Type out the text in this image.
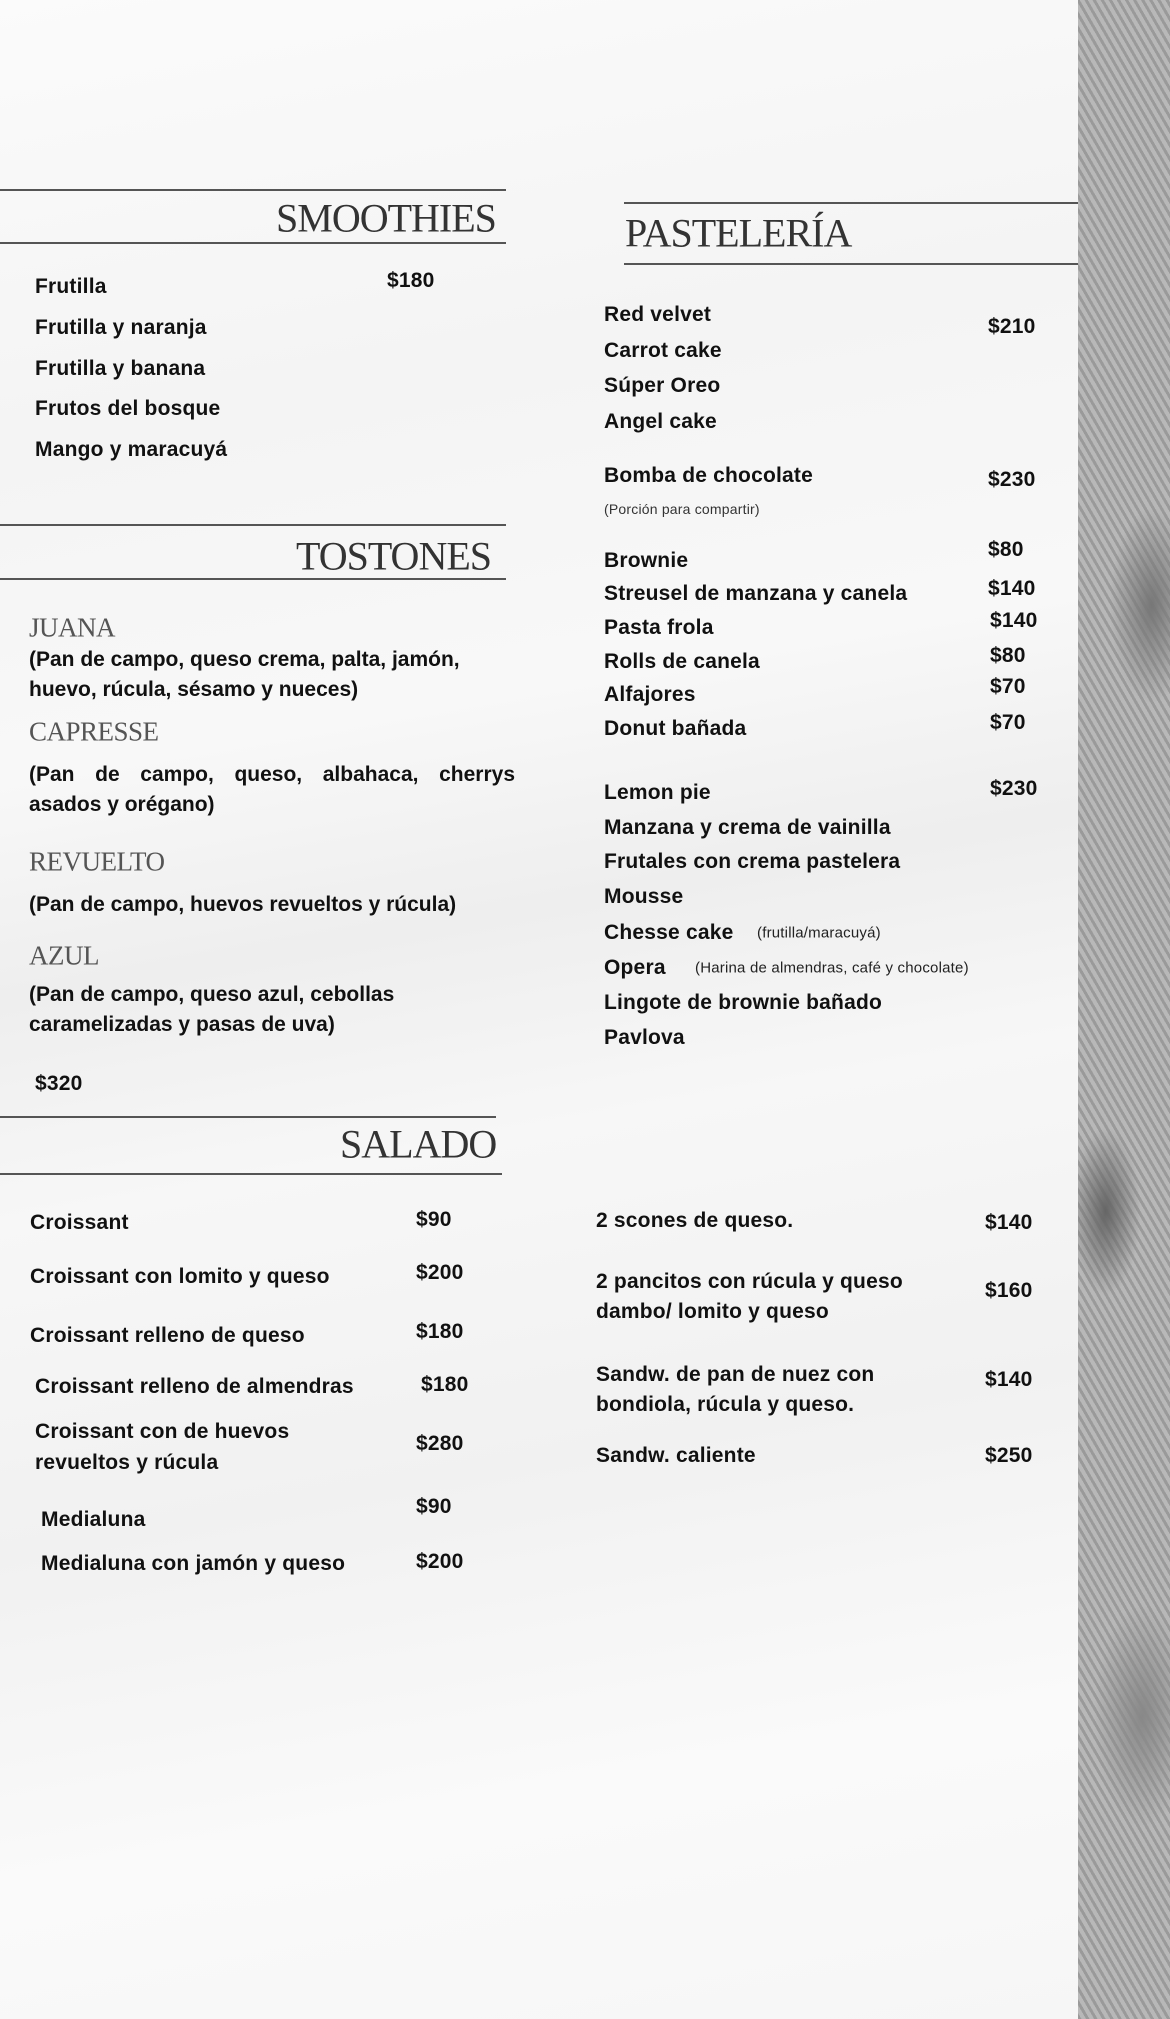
SMOOTHIES
Frutilla
Frutilla y naranja
Frutilla y banana
Frutos del bosque
Mango y maracuyá
$180
TOSTONES
JUANA
(Pan de campo, queso crema, palta, jamón, huevo, rúcula, sésamo y nueces)
CAPRESSE
(Pan de campo, queso, albahaca, cherrys asados y orégano)
REVUELTO
(Pan de campo, huevos revueltos y rúcula)
AZUL
(Pan de campo, queso azul, cebollas caramelizadas y pasas de uva)
$320
SALADO
Croissant	$90
Croissant con lomito y queso	$200
Croissant relleno de queso	$180
Croissant relleno de almendras	$180
Croissant con de huevos
revueltos y rúcula
$280
Medialuna
$90
Medialuna con jamón y queso	$200
2 scones de queso.	$140
2 pancitos con rúcula y queso
dambo/ lomito y queso
$160
Sandw. de pan de nuez con
bondiola, rúcula y queso.
$140
Sandw. caliente	$250
PASTELERÍA
Red velvet
Carrot cake
Súper Oreo
Angel cake
$210
Bomba de chocolate
(Porción para compartir)
$230
Brownie	$80
Streusel de manzana y canela	$140
Pasta frola	$140
Rolls de canela	$80
Alfajores	$70
Donut bañada	$70
Lemon pie	$230
Manzana y crema de vainilla
Frutales con crema pastelera
Mousse
Chesse cake (frutilla/maracuyá)
Opera (Harina de almendras, café y chocolate)
Lingote de brownie bañado
Pavlova
